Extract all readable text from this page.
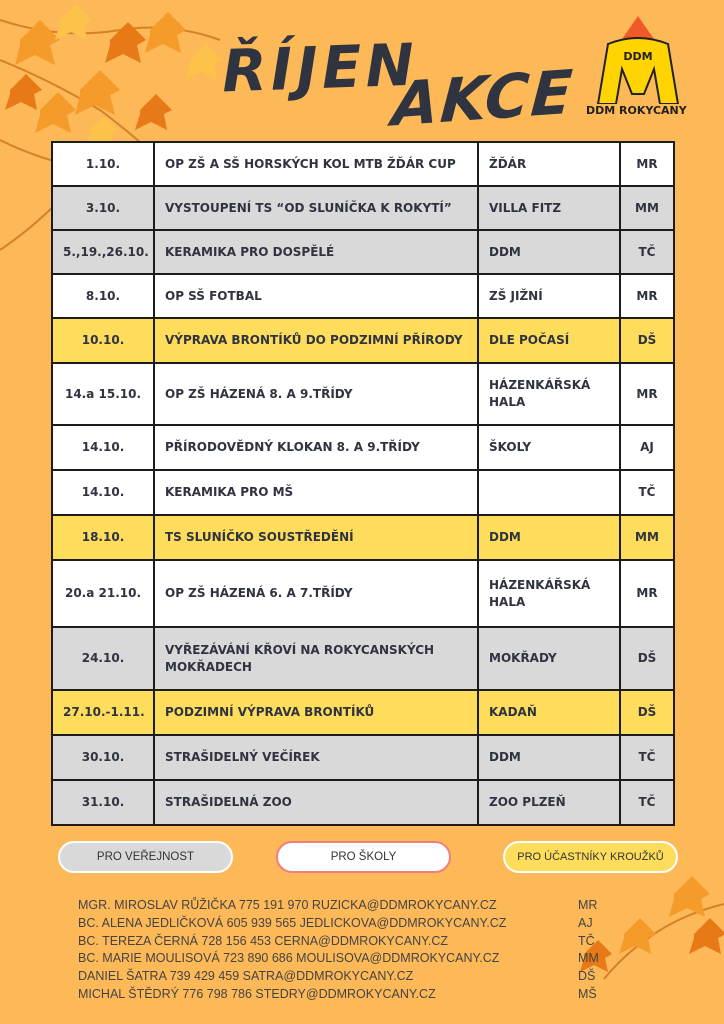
ŘÍJEN
AKCE
DDM
DDM ROKYCANY
1.10.	OP ZŠ A SŠ HORSKÝCH KOL MTB ŽĎÁR CUP	ŽĎÁR	MR
3.10.	VYSTOUPENÍ TS “OD SLUNÍČKA K ROKYTÍ”	VILLA FITZ	MM
5.,19.,26.10.	KERAMIKA PRO DOSPĚLÉ	DDM	TČ
8.10.	OP SŠ FOTBAL	ZŠ JIŽNÍ	MR
10.10.	VÝPRAVA BRONTÍKŮ DO PODZIMNÍ PŘÍRODY	DLE POČASÍ	DŠ
14.a 15.10.	OP ZŠ HÁZENÁ 8. A 9.TŘÍDY	HÁZENKÁŘSKÁ HALA	MR
14.10.	PŘÍRODOVĚDNÝ KLOKAN 8. A 9.TŘÍDY	ŠKOLY	AJ
14.10.	KERAMIKA PRO MŠ		TČ
18.10.	TS SLUNÍČKO SOUSTŘEDĚNÍ	DDM	MM
20.a 21.10.	OP ZŠ HÁZENÁ 6. A 7.TŘÍDY	HÁZENKÁŘSKÁ HALA	MR
24.10.	VYŘEZÁVÁNÍ KŘOVÍ NA ROKYCANSKÝCH MOKŘADECH	MOKŘADY	DŠ
27.10.-1.11.	PODZIMNÍ VÝPRAVA BRONTÍKŮ	KADAŇ	DŠ
30.10.	STRAŠIDELNÝ VEČÍREK	DDM	TČ
31.10.	STRAŠIDELNÁ ZOO	ZOO PLZEŇ	TČ
PRO VEŘEJNOST	PRO ŠKOLY	PRO ÚČASTNÍKY KROUŽKŮ
MGR. MIROSLAV RŮŽIČKA 775 191 970 RUZICKA@DDMROKYCANY.CZ	MR
BC. ALENA JEDLIČKOVÁ 605 939 565 JEDLICKOVA@DDMROKYCANY.CZ	AJ
BC. TEREZA ČERNÁ 728 156 453 CERNA@DDMROKYCANY.CZ	TČ
BC. MARIE MOULISOVÁ 723 890 686 MOULISOVA@DDMROKYCANY.CZ	MM
DANIEL ŠATRA 739 429 459 SATRA@DDMROKYCANY.CZ	DŠ
MICHAL ŠTĚDRÝ 776 798 786 STEDRY@DDMROKYCANY.CZ	MŠ
